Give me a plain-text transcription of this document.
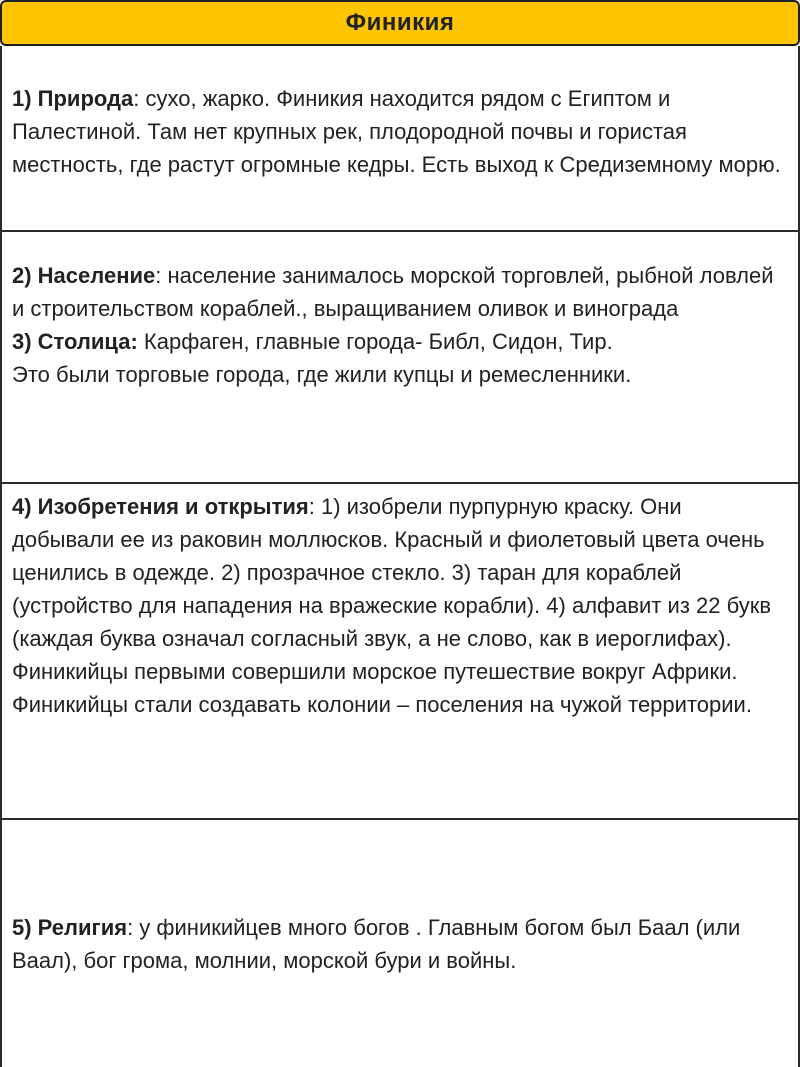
Финикия

1) Природа: сухо, жарко. Финикия находится рядом с Египтом и Палестиной. Там нет крупных рек, плодородной почвы и гористая местность, где растут огромные кедры. Есть выход к Средиземному морю.

2) Население: население занималось морской торговлей, рыбной ловлей и строительством кораблей., выращиванием оливок и винограда

3) Столица: Карфаген, главные города- Библ, Сидон, Тир.

Это были торговые города, где жили купцы и ремесленники.

4) Изобретения и открытия: 1) изобрели пурпурную краску. Они добывали ее из раковин моллюсков. Красный и фиолетовый цвета очень ценились в одежде. 2) прозрачное стекло. 3) таран для кораблей (устройство для нападения на вражеские корабли). 4) алфавит из 22 букв (каждая буква означал согласный звук, а не слово, как в иероглифах). Финикийцы первыми совершили морское путешествие вокруг Африки.

Финикийцы стали создавать колонии – поселения на чужой территории.

5) Религия: у финикийцев много богов . Главным богом был Баал (или Ваал), бог грома, молнии, морской бури и войны.
